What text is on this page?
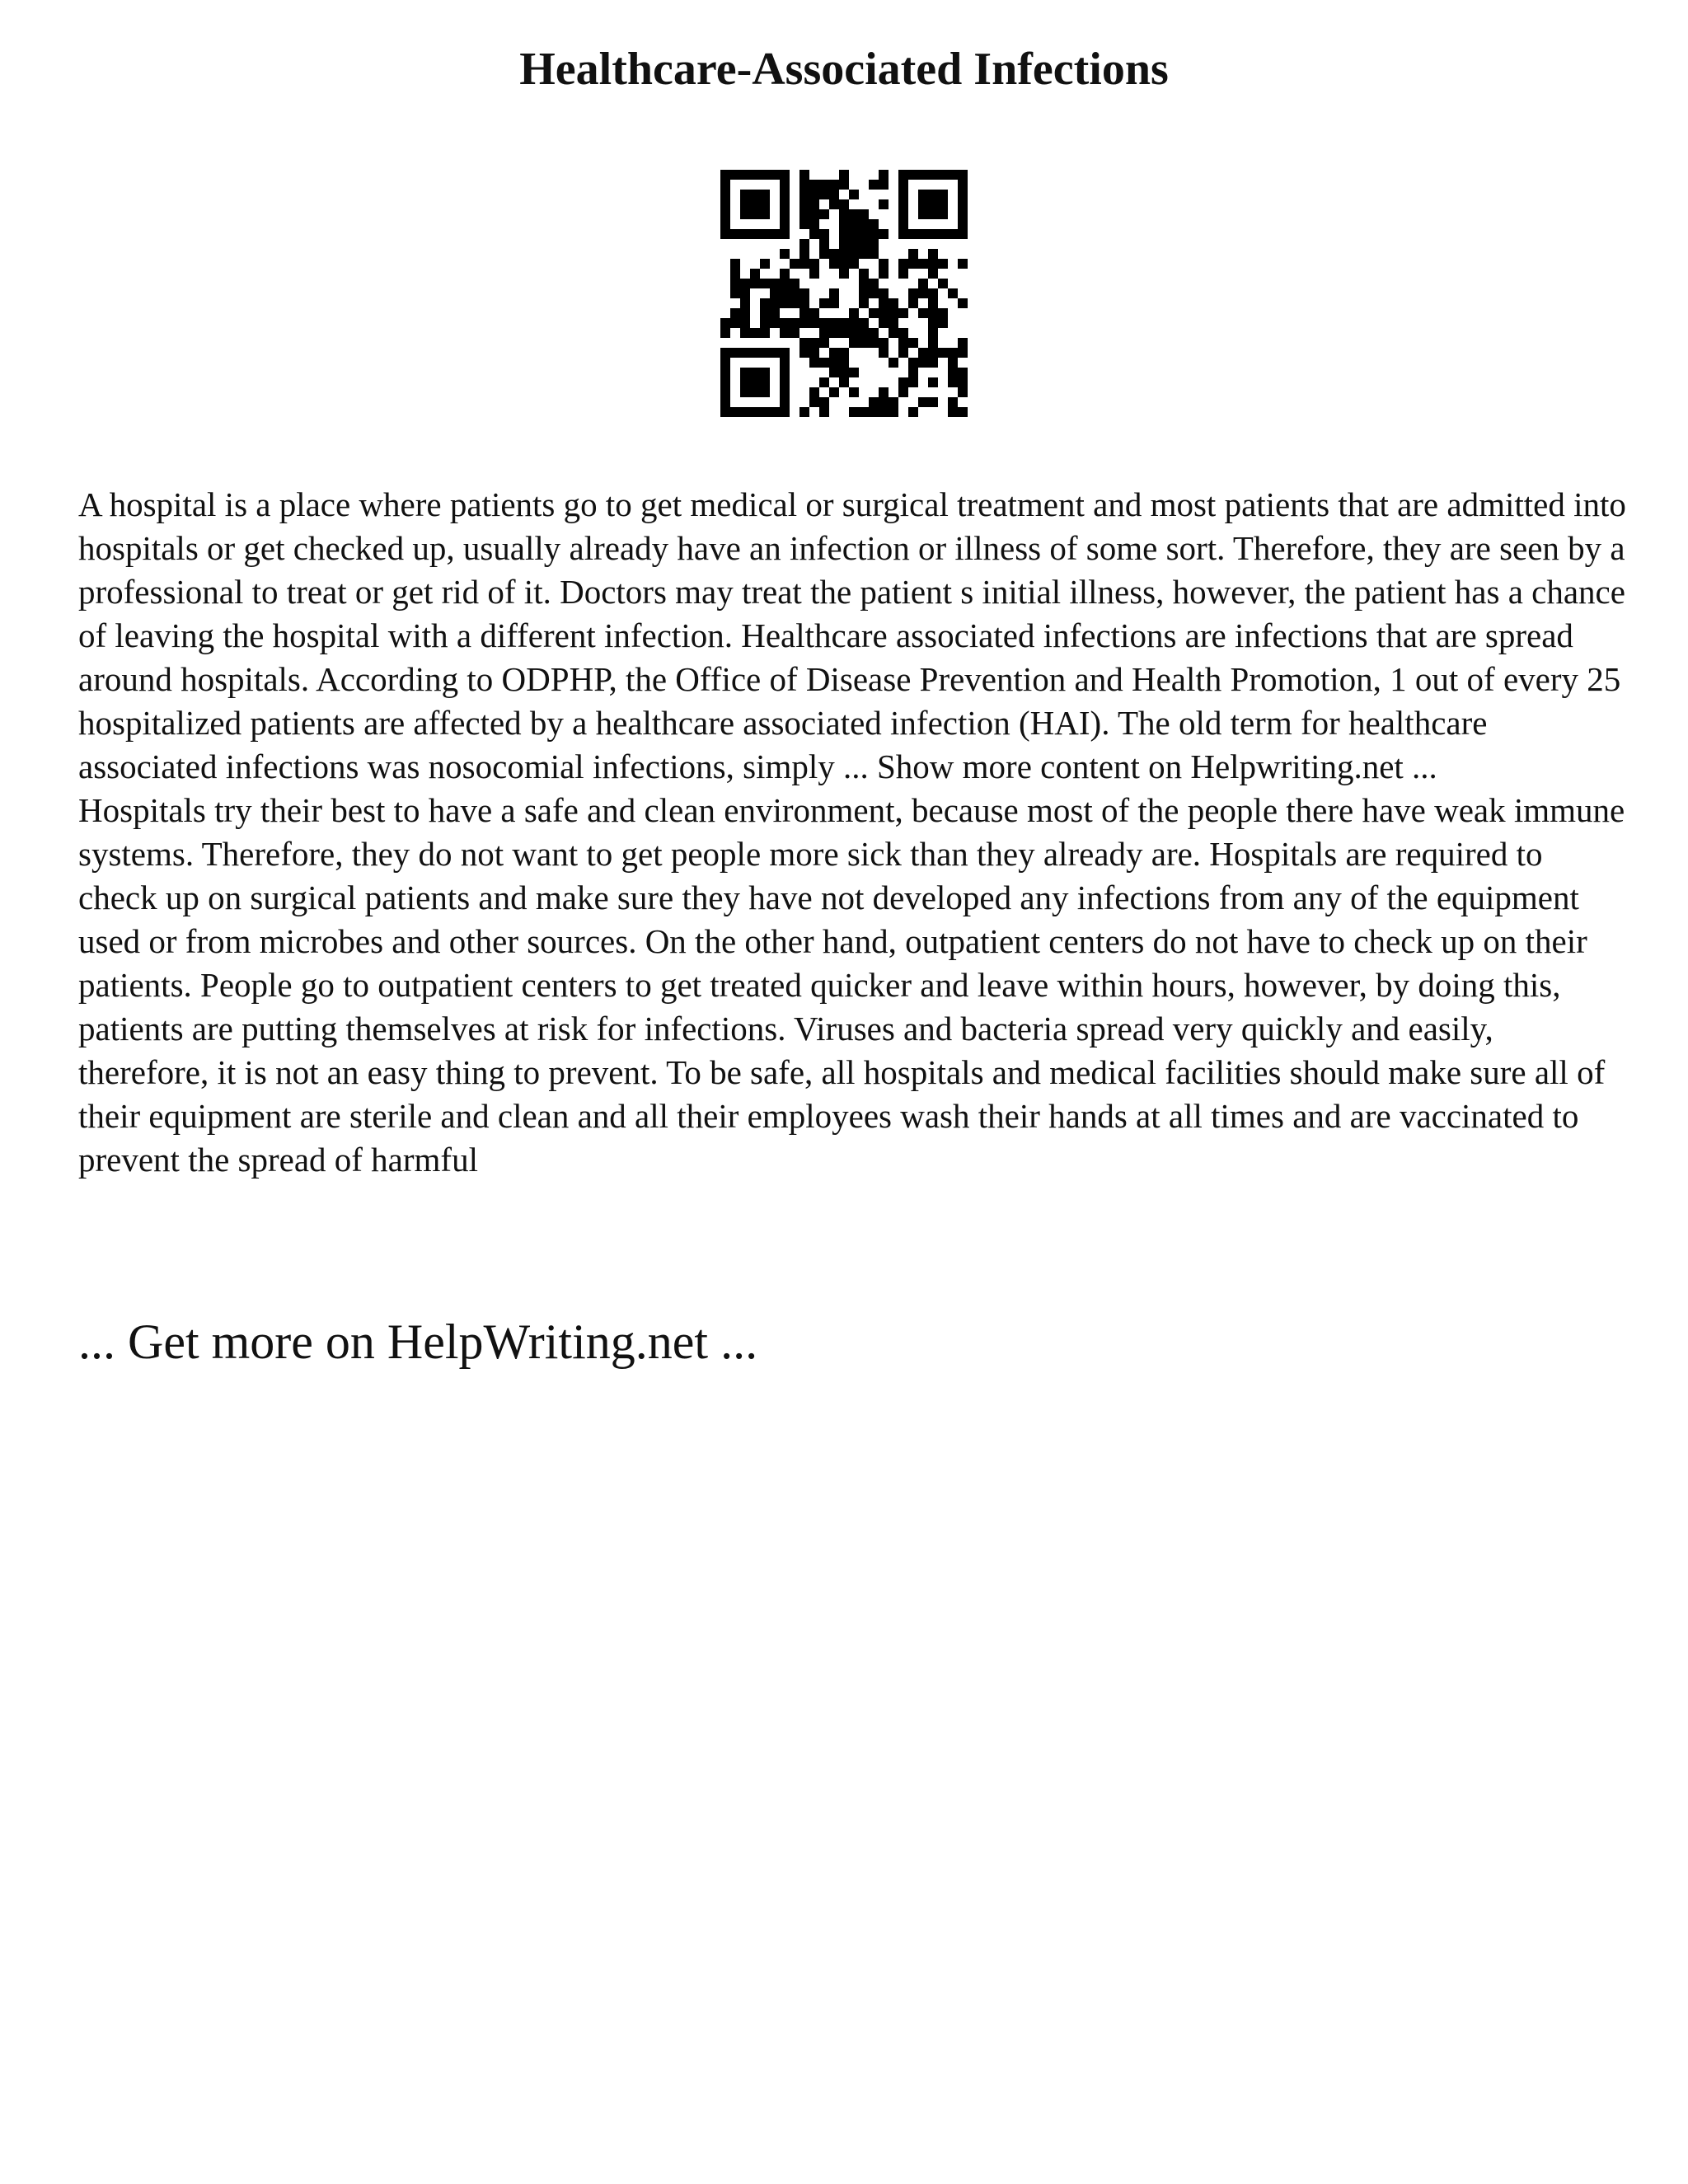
Healthcare-Associated Infections

A hospital is a place where patients go to get medical or surgical treatment and most patients that are admitted into hospitals or get checked up, usually already have an infection or illness of some sort. Therefore, they are seen by a professional to treat or get rid of it. Doctors may treat the patient s initial illness, however, the patient has a chance of leaving the hospital with a different infection. Healthcare associated infections are infections that are spread around hospitals. According to ODPHP, the Office of Disease Prevention and Health Promotion, 1 out of every 25 hospitalized patients are affected by a healthcare associated infection (HAI). The old term for healthcare associated infections was nosocomial infections, simply ... Show more content on Helpwriting.net ...

Hospitals try their best to have a safe and clean environment, because most of the people there have weak immune systems. Therefore, they do not want to get people more sick than they already are. Hospitals are required to check up on surgical patients and make sure they have not developed any infections from any of the equipment used or from microbes and other sources. On the other hand, outpatient centers do not have to check up on their patients. People go to outpatient centers to get treated quicker and leave within hours, however, by doing this, patients are putting themselves at risk for infections. Viruses and bacteria spread very quickly and easily, therefore, it is not an easy thing to prevent. To be safe, all hospitals and medical facilities should make sure all of their equipment are sterile and clean and all their employees wash their hands at all times and are vaccinated to prevent the spread of harmful

... Get more on HelpWriting.net ...
